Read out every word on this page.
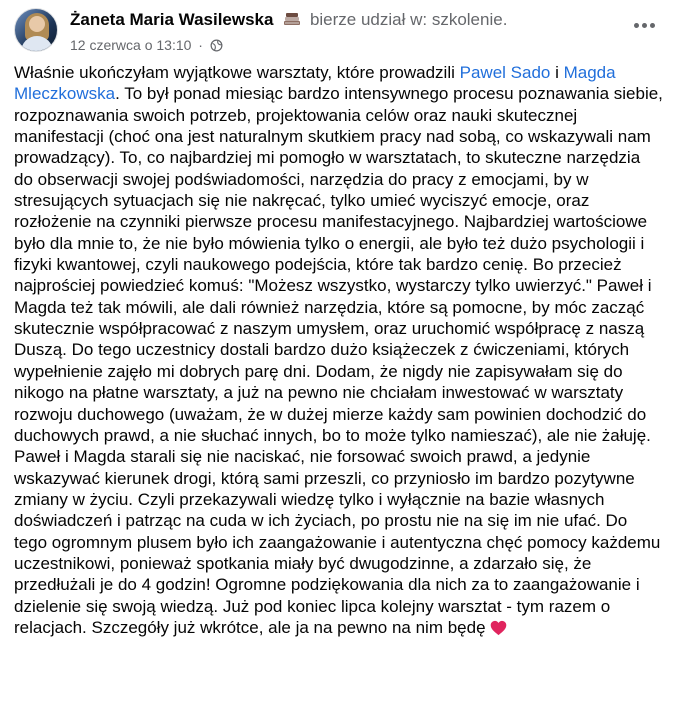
Żaneta Maria Wasilewska bierze udział w: szkolenie.
12 czerwca o 13:10 ·
Właśnie ukończyłam wyjątkowe warsztaty, które prowadzili Pawel Sado i Magda Mleczkowska. To był ponad miesiąc bardzo intensywnego procesu poznawania siebie, rozpoznawania swoich potrzeb, projektowania celów oraz nauki skutecznej manifestacji (choć ona jest naturalnym skutkiem pracy nad sobą, co wskazywali nam prowadzący). To, co najbardziej mi pomogło w warsztatach, to skuteczne narzędzia do obserwacji swojej podświadomości, narzędzia do pracy z emocjami, by w stresujących sytuacjach się nie nakręcać, tylko umieć wyciszyć emocje, oraz rozłożenie na czynniki pierwsze procesu manifestacyjnego. Najbardziej wartościowe było dla mnie to, że nie było mówienia tylko o energii, ale było też dużo psychologii i fizyki kwantowej, czyli naukowego podejścia, które tak bardzo cenię. Bo przecież najprościej powiedzieć komuś: "Możesz wszystko, wystarczy tylko uwierzyć." Paweł i Magda też tak mówili, ale dali również narzędzia, które są pomocne, by móc zacząć skutecznie współpracować z naszym umysłem, oraz uruchomić współpracę z naszą Duszą. Do tego uczestnicy dostali bardzo dużo książeczek z ćwiczeniami, których wypełnienie zajęło mi dobrych parę dni. Dodam, że nigdy nie zapisywałam się do nikogo na płatne warsztaty, a już na pewno nie chciałam inwestować w warsztaty rozwoju duchowego (uważam, że w dużej mierze każdy sam powinien dochodzić do duchowych prawd, a nie słuchać innych, bo to może tylko namieszać), ale nie żałuję. Paweł i Magda starali się nie naciskać, nie forsować swoich prawd, a jedynie wskazywać kierunek drogi, którą sami przeszli, co przyniosło im bardzo pozytywne zmiany w życiu. Czyli przekazywali wiedzę tylko i wyłącznie na bazie własnych doświadczeń i patrząc na cuda w ich życiach, po prostu nie na się im nie ufać. Do tego ogromnym plusem było ich zaangażowanie i autentyczna chęć pomocy każdemu uczestnikowi, ponieważ spotkania miały być dwugodzinne, a zdarzało się, że przedłużali je do 4 godzin! Ogromne podziękowania dla nich za to zaangażowanie i dzielenie się swoją wiedzą. Już pod koniec lipca kolejny warsztat - tym razem o relacjach. Szczegóły już wkrótce, ale ja na pewno na nim będę
